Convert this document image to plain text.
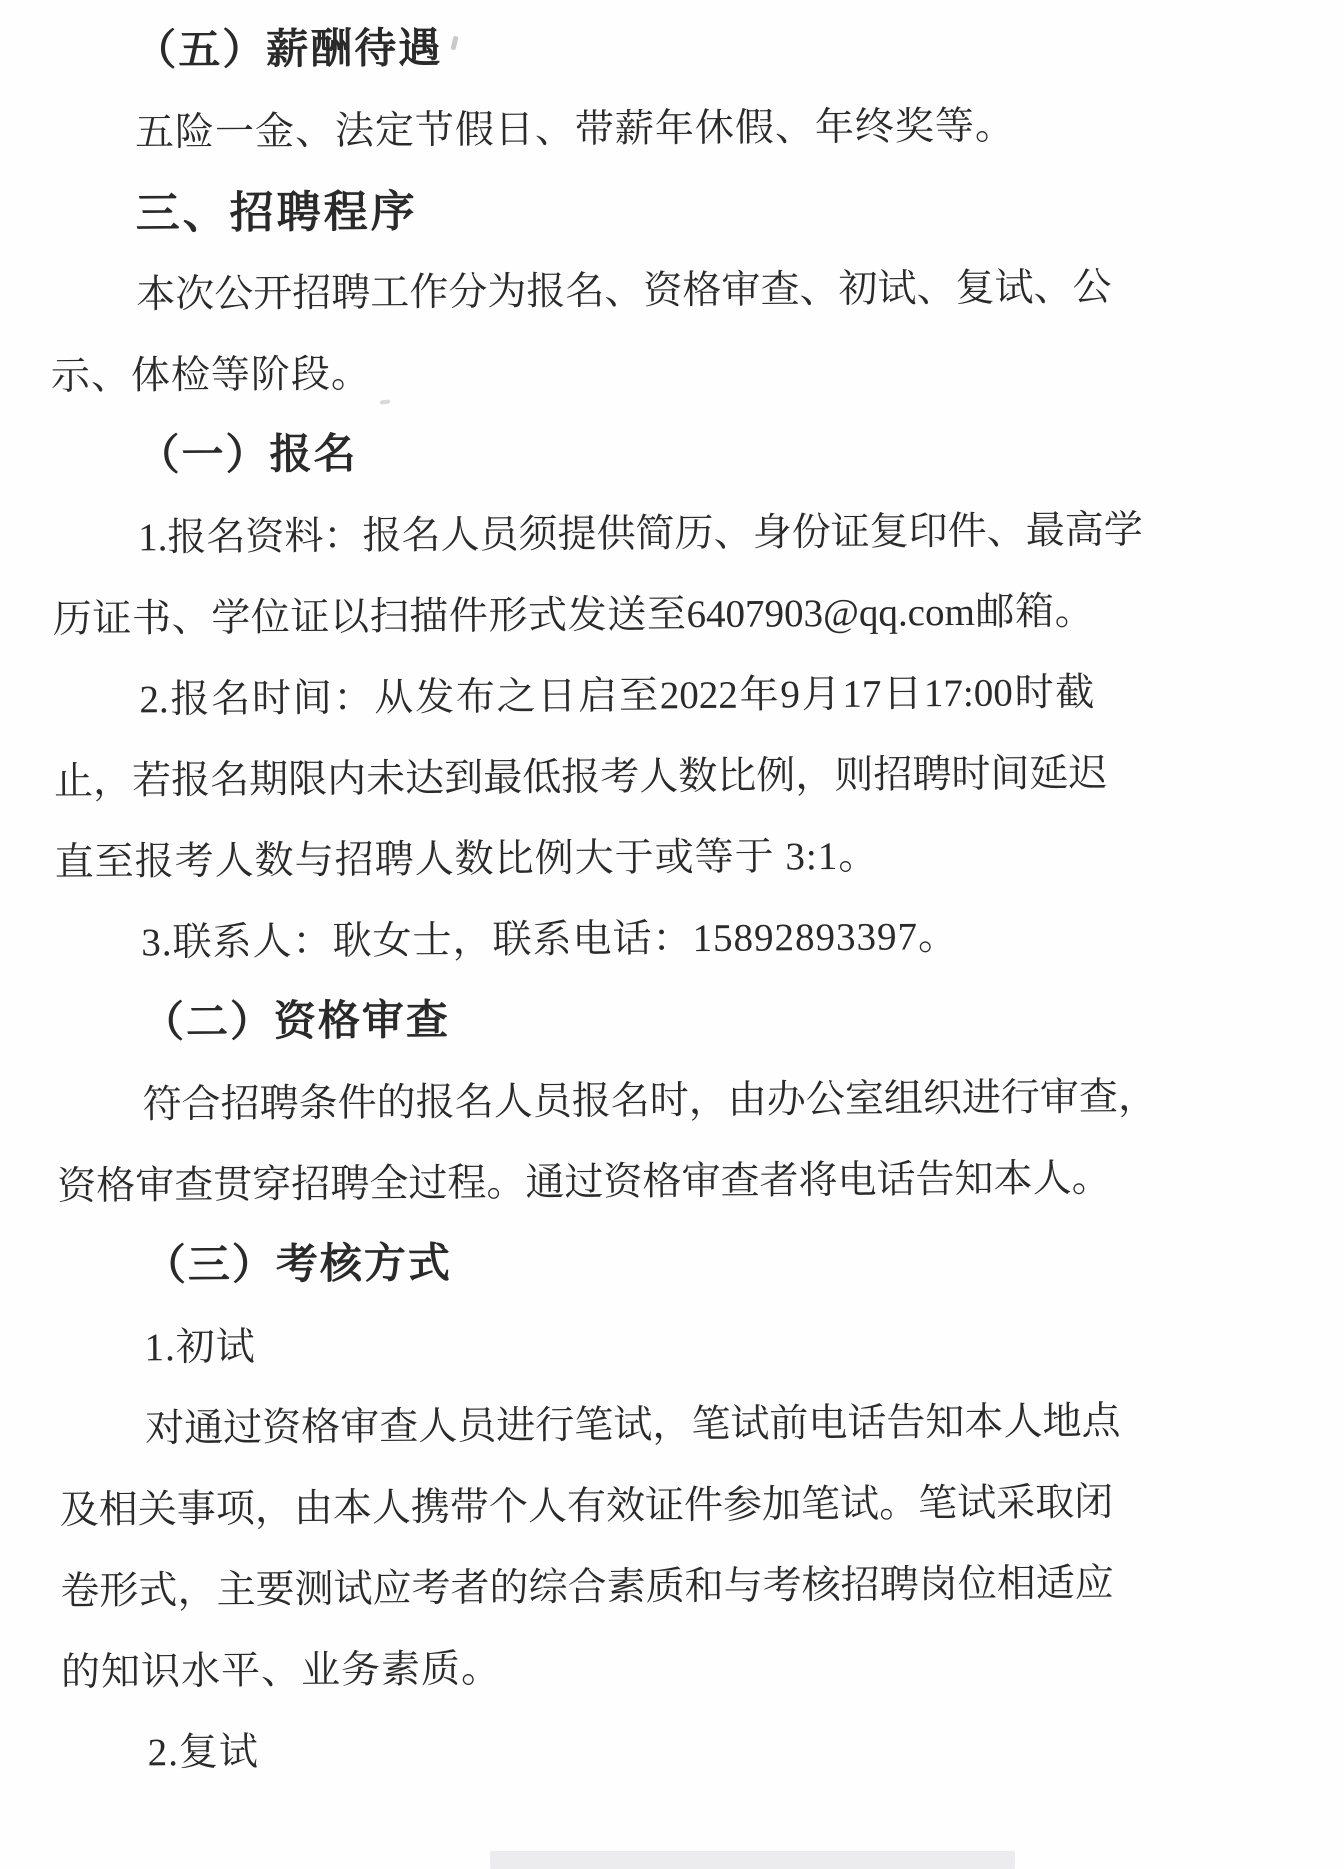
（五）薪酬待遇
五险一金、法定节假日、带薪年休假、年终奖等。
三、招聘程序
本 次 公 开 招 聘 工 作 分 为 报 名 、 资 格 审 查 、 初 试 、 复 试 、 公
示、体检等阶段。
（一）报名
1. 报 名 资 料 ： 报 名 人 员 须 提 供 简 历 、 身 份 证 复 印 件 、 最 高 学
历 证 书 、 学 位 证 以 扫 描 件 形 式 发 送 至 6407903@qq.com 邮 箱 。
2. 报 名 时 间 ： 从 发 布 之 日 启 至 2022 年 9 月 17 日 17:00 时 截
止 ， 若 报 名 期 限 内 未 达 到 最 低 报 考 人 数 比 例 ， 则 招 聘 时 间 延 迟
直至报考人数与招聘人数比例大于或等于 3:1。
3.联系人：耿女士，联系电话：15892893397。
（二）资格审查
符 合 招 聘 条 件 的 报 名 人 员 报 名 时 ， 由 办 公 室 组 织 进 行 审 查 ，
资 格 审 查 贯 穿 招 聘 全 过 程 。 通 过 资 格 审 查 者 将 电 话 告 知 本 人 。
（三）考核方式
1.初试
对 通 过 资 格 审 查 人 员 进 行 笔 试 ， 笔 试 前 电 话 告 知 本 人 地 点
及 相 关 事 项 ， 由 本 人 携 带 个 人 有 效 证 件 参 加 笔 试 。 笔 试 采 取 闭
卷 形 式 ， 主 要 测 试 应 考 者 的 综 合 素 质 和 与 考 核 招 聘 岗 位 相 适 应
的知识水平、业务素质。
2.复试
